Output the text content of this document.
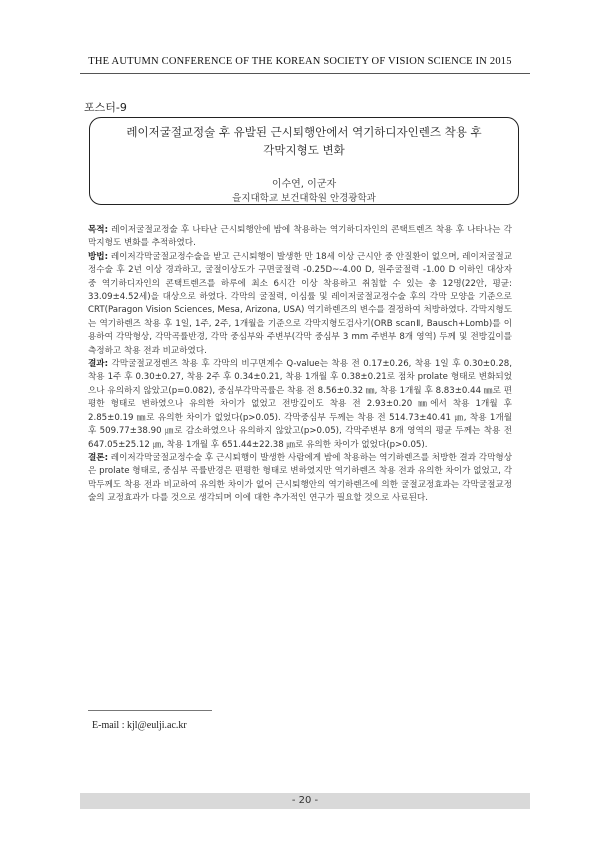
THE AUTUMN CONFERENCE OF THE KOREAN SOCIETY OF VISION SCIENCE IN 2015
포스터-9
레이저굴절교정술 후 유발된 근시퇴행안에서 역기하디자인렌즈 착용 후
각막지형도 변화
이수연, 이군자
을지대학교 보건대학원 안경광학과

목적: 레이저굴절교정술 후 나타난 근시퇴행안에 밤에 착용하는 역기하디자인의 콘택트렌즈 착용 후 나타나는 각막지형도 변화를 추적하였다.

방법: 레이저각막굴절교정수술을 받고 근시퇴행이 발생한 만 18세 이상 근시안 중 안질환이 없으며, 레이저굴절교정수술 후 2년 이상 경과하고, 굴절이상도가 구면굴절력 -0.25D~-4.00 D, 원주굴절력 -1.00 D 이하인 대상자 중 역기하디자인의 콘택트렌즈를 하루에 최소 6시간 이상 착용하고 취침할 수 있는 총 12명(22안, 평균: 33.09±4.52세)을 대상으로 하였다. 각막의 굴절력, 이심률 및 레이저굴절교정수술 후의 각막 모양을 기준으로 CRT(Paragon Vision Sciences, Mesa, Arizona, USA) 역기하렌즈의 변수를 결정하여 처방하였다. 각막지형도는 역기하렌즈 착용 후 1일, 1주, 2주, 1개월을 기준으로 각막지형도검사기(ORB scanⅡ, Bausch+Lomb)를 이용하여 각막형상, 각막곡률반경, 각막 중심부와 주변부(각막 중심부 3 mm 주변부 8개 영역) 두께 및 전방깊이를 측정하고 착용 전과 비교하였다.

결과: 각막굴절교정렌즈 착용 후 각막의 비구면계수 Q-value는 착용 전 0.17±0.26, 착용 1일 후 0.30±0.28, 착용 1주 후 0.30±0.27, 착용 2주 후 0.34±0.21, 착용 1개월 후 0.38±0.21로 점차 prolate 형태로 변화되었으나 유의하지 않았고(p=0.082), 중심부각막곡률은 착용 전 8.56±0.32 ㎜, 착용 1개월 후 8.83±0.44 ㎜로 편평한 형태로 변하였으나 유의한 차이가 없었고 전방깊이도 착용 전 2.93±0.20 ㎜에서 착용 1개월 후 2.85±0.19 ㎜로 유의한 차이가 없었다(p>0.05). 각막중심부 두께는 착용 전 514.73±40.41 ㎛, 착용 1개월 후 509.77±38.90 ㎛로 감소하였으나 유의하지 않았고(p>0.05), 각막주변부 8개 영역의 평균 두께는 착용 전 647.05±25.12 ㎛, 착용 1개월 후 651.44±22.38 ㎛로 유의한 차이가 없었다(p>0.05).

결론: 레이저각막굴절교정수술 후 근시퇴행이 발생한 사람에게 밤에 착용하는 역기하렌즈를 처방한 결과 각막형상은 prolate 형태로, 중심부 곡률반경은 편평한 형태로 변하였지만 역기하렌즈 착용 전과 유의한 차이가 없었고, 각막두께도 착용 전과 비교하여 유의한 차이가 없어 근시퇴행안의 역기하렌즈에 의한 굴절교정효과는 각막굴절교정술의 교정효과가 다를 것으로 생각되며 이에 대한 추가적인 연구가 필요할 것으로 사료된다.

E-mail : kjl@eulji.ac.kr
- 20 -
